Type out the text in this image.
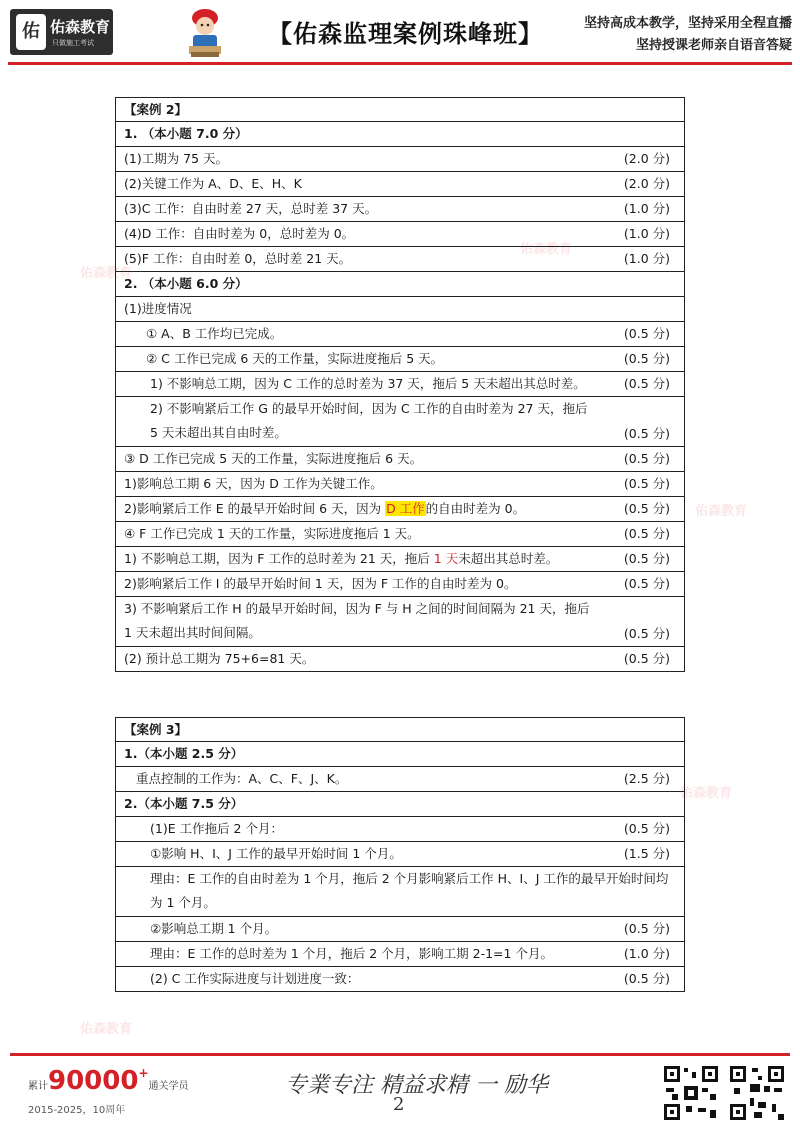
佑 佑森教育
只做施工考试	【佑森监理案例珠峰班】	坚持高成本教学，坚持采用全程直播
坚持授课老师亲自语音答疑
佑森教育
佑森教育
佑森教育
佑森教育
佑森教育
【案例 2】
1. （本小题 7.0 分）
(1)工期为 75 天。	(2.0 分)
(2)关键工作为 A、D、E、H、K	(2.0 分)
(3)C 工作：自由时差 27 天，总时差 37 天。	(1.0 分)
(4)D 工作：自由时差为 0，总时差为 0。	(1.0 分)
(5)F 工作：自由时差 0，总时差 21 天。	(1.0 分)
2. （本小题 6.0 分）
(1)进度情况
① A、B 工作均已完成。	(0.5 分)
② C 工作已完成 6 天的工作量，实际进度拖后 5 天。	(0.5 分)
1) 不影响总工期，因为 C 工作的总时差为 37 天，拖后 5 天未超出其总时差。	(0.5 分)
2) 不影响紧后工作 G 的最早开始时间，因为 C 工作的自由时差为 27 天，拖后 5 天未超出其自由时差。	(0.5 分)
③ D 工作已完成 5 天的工作量，实际进度拖后 6 天。	(0.5 分)
1)影响总工期 6 天，因为 D 工作为关键工作。	(0.5 分)
2)影响紧后工作 E 的最早开始时间 6 天，因为 D 工作的自由时差为 0。	(0.5 分)
④ F 工作已完成 1 天的工作量，实际进度拖后 1 天。	(0.5 分)
1) 不影响总工期，因为 F 工作的总时差为 21 天，拖后 1 天未超出其总时差。	(0.5 分)
2)影响紧后工作 I 的最早开始时间 1 天，因为 F 工作的自由时差为 0。	(0.5 分)
3) 不影响紧后工作 H 的最早开始时间，因为 F 与 H 之间的时间间隔为 21 天，拖后 1 天未超出其时间间隔。	(0.5 分)
(2) 预计总工期为 75+6=81 天。	(0.5 分)
【案例 3】
1.（本小题 2.5 分）
重点控制的工作为：A、C、F、J、K。	(2.5 分)
2.（本小题 7.5 分）
(1)E 工作拖后 2 个月：	(0.5 分)
①影响 H、I、J 工作的最早开始时间 1 个月。	(1.5 分)
理由：E 工作的自由时差为 1 个月，拖后 2 个月影响紧后工作 H、I、J 工作的最早开始时间均为 1 个月。
②影响总工期 1 个月。	(0.5 分)
理由：E 工作的总时差为 1 个月，拖后 2 个月，影响工期 2-1=1 个月。	(1.0 分)
(2) C 工作实际进度与计划进度一致：	(0.5 分)
累计90000+通关学员
2015-2025，10周年
专業专注 精益求精 一 励华
2
